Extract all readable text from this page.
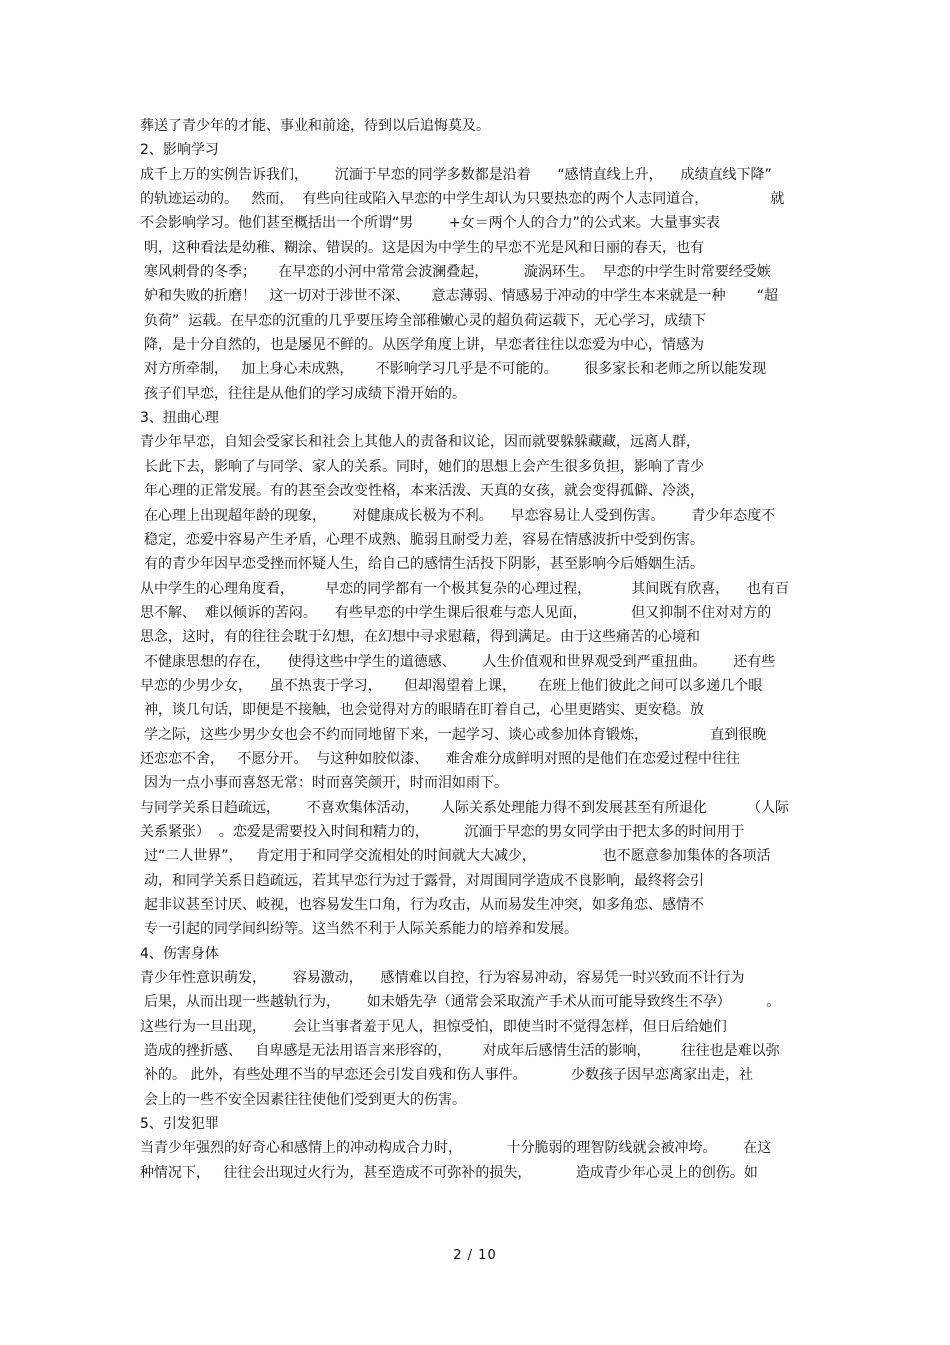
葬送了青少年的才能、事业和前途，待到以后追悔莫及。
2、影响学习
成千上万的实例告诉我们，      沉湎于早恋的同学多数都是沿着      “感情直线上升，    成绩直线下降”
的轨迹运动的。   然而，  有些向往或陷入早恋的中学生却认为只要热恋的两个人志同道合，              就
不会影响学习。他们甚至概括出一个所谓“男        +女＝两个人的合力”的公式来。大量事实表
明，这种看法是幼稚、糊涂、错误的。这是因为中学生的早恋不光是风和日丽的春天，也有
寒风刺骨的冬季；     在早恋的小河中常常会波澜叠起，        漩涡环生。  早恋的中学生时常要经受嫉
妒和失败的折磨！   这一切对于涉世不深、     意志薄弱、情感易于冲动的中学生本来就是一种       “超
负荷”  运载。在早恋的沉重的几乎要压垮全部稚嫩心灵的超负荷运载下，无心学习，成绩下
降，是十分自然的，也是屡见不鲜的。从医学角度上讲，早恋者往往以恋爱为中心，情感为
对方所牵制，   加上身心未成熟，     不影响学习几乎是不可能的。      很多家长和老师之所以能发现
孩子们早恋，往往是从他们的学习成绩下滑开始的。
3、扭曲心理
青少年早恋，自知会受家长和社会上其他人的责备和议论，因而就要躲躲藏藏，远离人群，
长此下去，影响了与同学、家人的关系。同时，她们的思想上会产生很多负担，影响了青少
年心理的正常发展。有的甚至会改变性格，本来活泼、天真的女孩，就会变得孤僻、冷淡，
在心理上出现超年龄的现象，      对健康成长极为不利。    早恋容易让人受到伤害。      青少年态度不
稳定，恋爱中容易产生矛盾，心理不成熟、脆弱且耐受力差，容易在情感波折中受到伤害。
有的青少年因早恋受挫而怀疑人生，给自己的感情生活投下阴影，甚至影响今后婚姻生活。
从中学生的心理角度看，       早恋的同学都有一个极其复杂的心理过程，         其间既有欣喜，    也有百
思不解、  难以倾诉的苦闷。    有些早恋的中学生课后很难与恋人见面，          但又抑制不住对对方的
思念，这时，有的往往会耽于幻想，在幻想中寻求慰藉，得到满足。由于这些痛苦的心境和
不健康思想的存在，    使得这些中学生的道德感、      人生价值观和世界观受到严重扭曲。      还有些
早恋的少男少女，    虽不热衷于学习，     但却渴望着上课，     在班上他们彼此之间可以多递几个眼
神，谈几句话，即便是不接触，也会觉得对方的眼睛在盯着自己，心里更踏实、更安稳。放
学之际，这些少男少女也会不约而同地留下来，一起学习、谈心或参加体育锻炼，              直到很晚
还恋恋不舍，   不愿分开。  与这种如胶似漆、    难舍难分成鲜明对照的是他们在恋爱过程中往往
因为一点小事而喜怒无常：时而喜笑颜开，时而泪如雨下。
与同学关系日趋疏远，      不喜欢集体活动，     人际关系处理能力得不到发展甚至有所退化         （人际
关系紧张）  。恋爱是需要投入时间和精力的，        沉湎于早恋的男女同学由于把太多的时间用于
过“二人世界”，   肯定用于和同学交流相处的时间就大大减少，               也不愿意参加集体的各项活
动，和同学关系日趋疏远，若其早恋行为过于露骨，对周围同学造成不良影响，最终将会引
起非议甚至讨厌、岐视，也容易发生口角，行为攻击，从而易发生冲突，如多角恋、感情不
专一引起的同学间纠纷等。这当然不利于人际关系能力的培养和发展。
4、伤害身体
青少年性意识萌发，      容易激动，    感情难以自控，行为容易冲动，容易凭一时兴致而不计行为
后果，从而出现一些越轨行为，      如未婚先孕（通常会采取流产手术从而可能导致终生不孕）        。
这些行为一旦出现，      会让当事者羞于见人，担惊受怕，即使当时不觉得怎样，但日后给她们
造成的挫折感、   自卑感是无法用语言来形容的，       对成年后感情生活的影响，       往往也是难以弥
补的。 此外，有些处理不当的早恋还会引发自残和伤人事件。          少数孩子因早恋离家出走，社
会上的一些不安全因素往往使他们受到更大的伤害。
5、引发犯罪
当青少年强烈的好奇心和感情上的冲动构成合力时，          十分脆弱的理智防线就会被冲垮。      在这
种情况下，   往往会出现过火行为，甚至造成不可弥补的损失，          造成青少年心灵上的创伤。如
2 / 10
